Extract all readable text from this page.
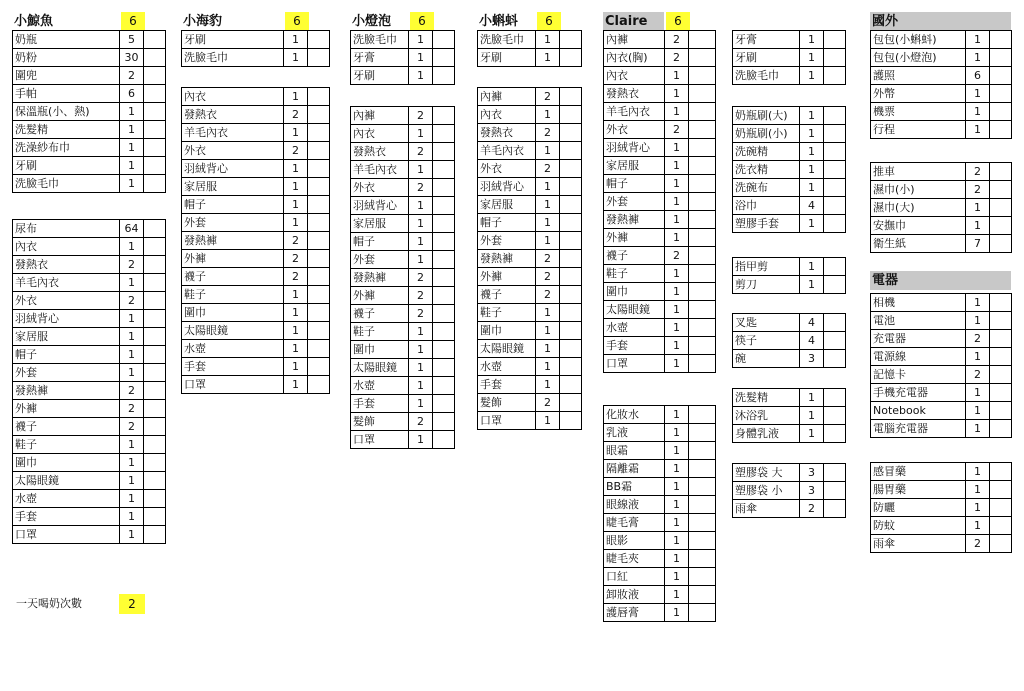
小鯨魚	6
奶瓶	5	
奶粉	30	
圍兜	2	
手帕	6	
保溫瓶(小、熱)	1	
洗髮精	1	
洗澡紗布巾	1	
牙刷	1	
洗臉毛巾	1	
尿布	64	
內衣	1	
發熱衣	2	
羊毛內衣	1	
外衣	2	
羽絨背心	1	
家居服	1	
帽子	1	
外套	1	
發熱褲	2	
外褲	2	
襪子	2	
鞋子	1	
圍巾	1	
太陽眼鏡	1	
水壺	1	
手套	1	
口罩	1	
小海豹	6
牙刷	1	
洗臉毛巾	1	
內衣	1	
發熱衣	2	
羊毛內衣	1	
外衣	2	
羽絨背心	1	
家居服	1	
帽子	1	
外套	1	
發熱褲	2	
外褲	2	
襪子	2	
鞋子	1	
圍巾	1	
太陽眼鏡	1	
水壺	1	
手套	1	
口罩	1	
小燈泡	6
洗臉毛巾	1	
牙膏	1	
牙刷	1	
內褲	2	
內衣	1	
發熱衣	2	
羊毛內衣	1	
外衣	2	
羽絨背心	1	
家居服	1	
帽子	1	
外套	1	
發熱褲	2	
外褲	2	
襪子	2	
鞋子	1	
圍巾	1	
太陽眼鏡	1	
水壺	1	
手套	1	
髮飾	2	
口罩	1	
小蝌蚪	6
洗臉毛巾	1	
牙刷	1	
內褲	2	
內衣	1	
發熱衣	2	
羊毛內衣	1	
外衣	2	
羽絨背心	1	
家居服	1	
帽子	1	
外套	1	
發熱褲	2	
外褲	2	
襪子	2	
鞋子	1	
圍巾	1	
太陽眼鏡	1	
水壺	1	
手套	1	
髮飾	2	
口罩	1	
Claire	6
內褲	2	
內衣(胸)	2	
內衣	1	
發熱衣	1	
羊毛內衣	1	
外衣	2	
羽絨背心	1	
家居服	1	
帽子	1	
外套	1	
發熱褲	1	
外褲	1	
襪子	2	
鞋子	1	
圍巾	1	
太陽眼鏡	1	
水壺	1	
手套	1	
口罩	1	
化妝水	1	
乳液	1	
眼霜	1	
隔離霜	1	
BB霜	1	
眼線液	1	
睫毛膏	1	
眼影	1	
睫毛夾	1	
口紅	1	
卸妝液	1	
護唇膏	1	
牙膏	1	
牙刷	1	
洗臉毛巾	1	
奶瓶刷(大)	1	
奶瓶刷(小)	1	
洗碗精	1	
洗衣精	1	
洗碗布	1	
浴巾	4	
塑膠手套	1	
指甲剪	1	
剪刀	1	
叉匙	4	
筷子	4	
碗	3	
洗髮精	1	
沐浴乳	1	
身體乳液	1	
塑膠袋 大	3	
塑膠袋 小	3	
雨傘	2	
國外
包包(小蝌蚪)	1	
包包(小燈泡)	1	
護照	6	
外幣	1	
機票	1	
行程	1	
推車	2	
濕巾(小)	2	
濕巾(大)	1	
安撫巾	1	
衛生紙	7	
電器
相機	1	
電池	1	
充電器	2	
電源線	1	
記憶卡	2	
手機充電器	1	
Notebook	1	
電腦充電器	1	
感冒藥	1	
腸胃藥	1	
防曬	1	
防蚊	1	
雨傘	2	
一天喝奶次數	2
